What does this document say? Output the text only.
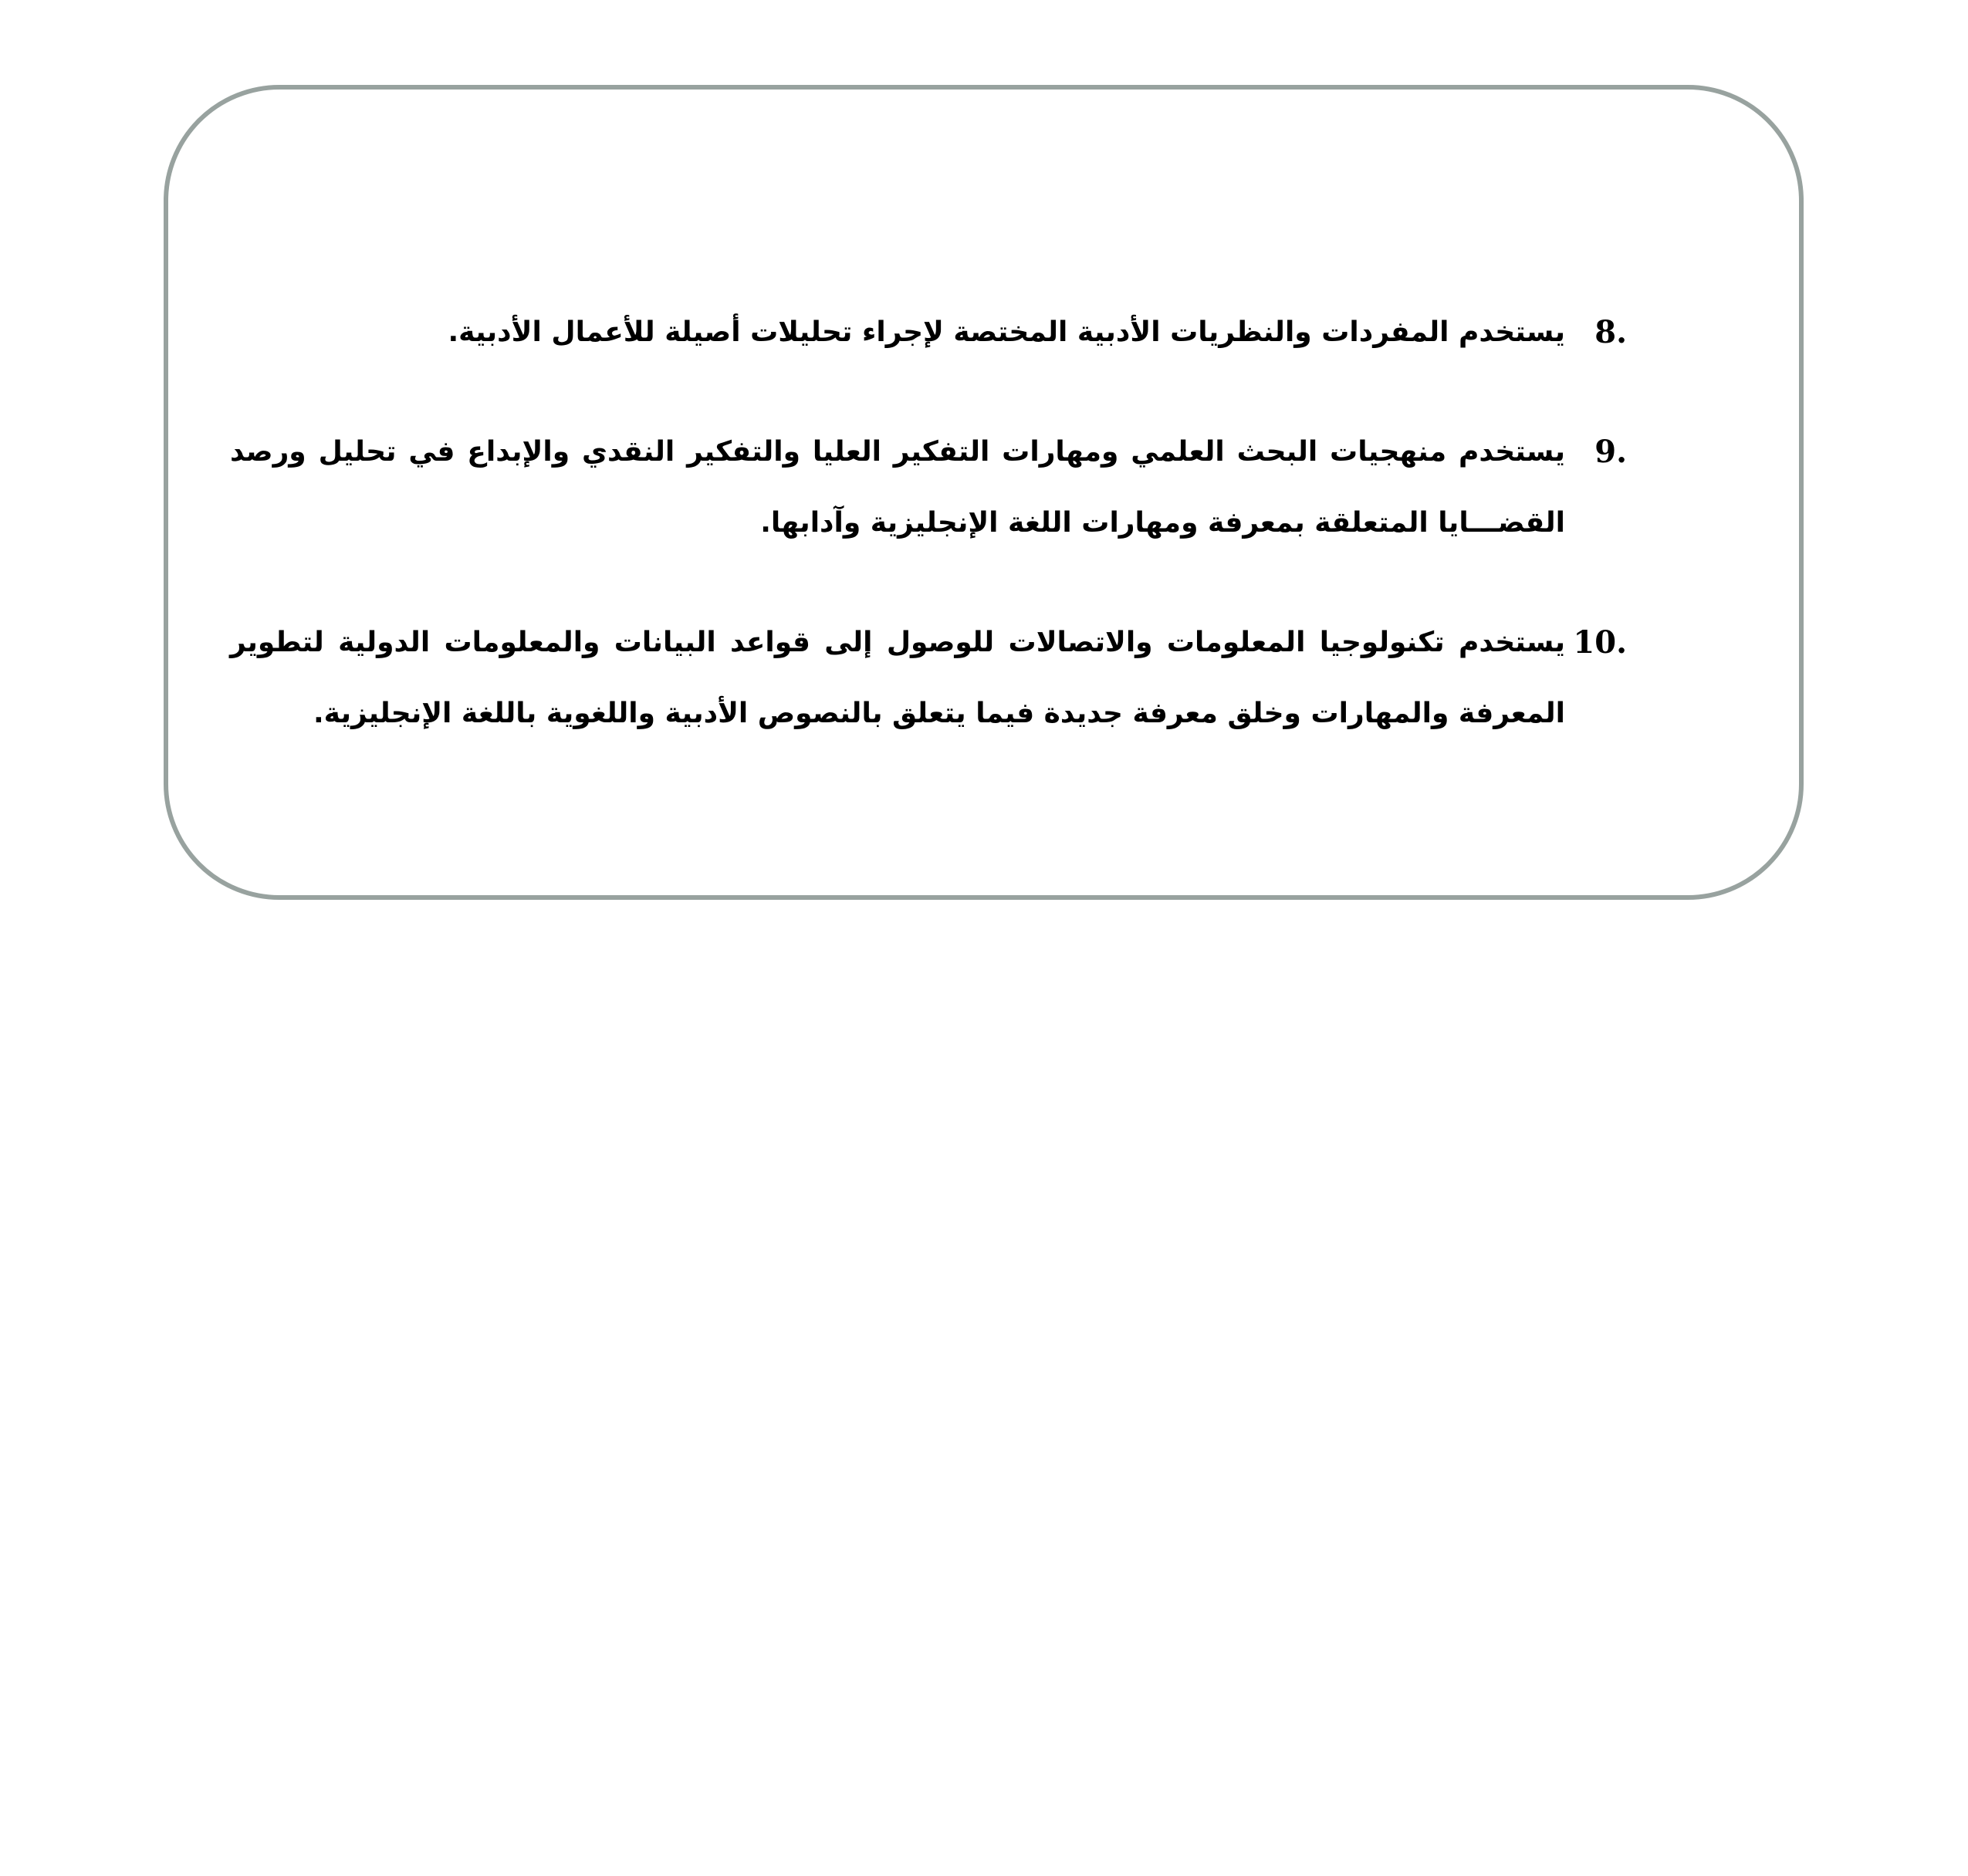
8.
يستخدم المفردات والنظريات الأدبية المختصة لإجراء تحليلات أصيلة للأعمال الأدبية.
9.
يستخدم منهجيات البحث العلمي ومهارات التفكير العليا والتفكير النقدي والإبداع في تحليل ورصد القضـــايا المتعلقة بمعرفة ومهارات اللغة الإنجليزية وآدابها.
10.
يستخدم تكنولوجيا المعلومات والاتصالات للوصول إلى قواعد البيانات والمعلومات الدولية لتطوير المعرفة والمهارات وخلق معرفة جديدة فيما يتعلق بالنصوص الأدبية واللغوية باللغة الإنجليزية.
